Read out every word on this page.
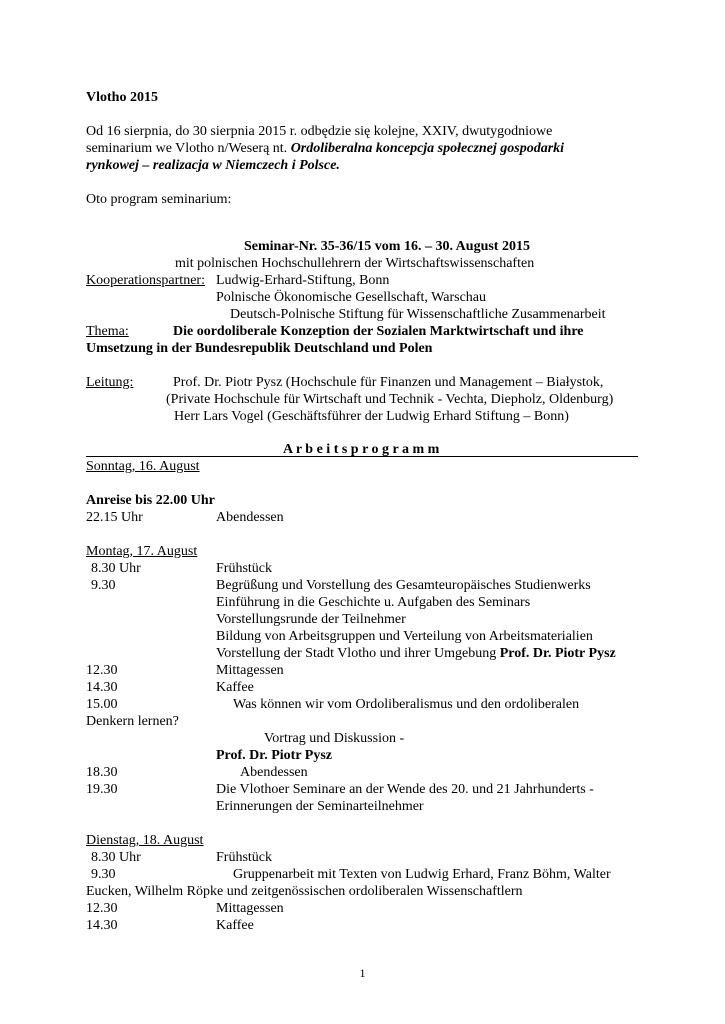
Vlotho 2015
Od 16 sierpnia, do 30 sierpnia 2015 r. odbędzie się kolejne, XXIV, dwutygodniowe
seminarium we Vlotho n/Weserą nt. Ordoliberalna koncepcja społecznej gospodarki
rynkowej – realizacja w Niemczech i Polsce.
Oto program seminarium:
Seminar-Nr. 35-36/15 vom 16. – 30. August 2015
mit polnischen Hochschullehrern der Wirtschaftswissenschaften
Kooperationspartner: Ludwig-Erhard-Stiftung, Bonn
Polnische Ökonomische Gesellschaft, Warschau
Deutsch-Polnische Stiftung für Wissenschaftliche Zusammenarbeit
Thema:	Die oordoliberale Konzeption der Sozialen Marktwirtschaft und ihre
Umsetzung in der Bundesrepublik Deutschland und Polen
Leitung:	Prof. Dr. Piotr Pysz (Hochschule für Finanzen und Management – Białystok,
(Private Hochschule für Wirtschaft und Technik - Vechta, Diepholz, Oldenburg)
Herr Lars Vogel (Geschäftsführer der Ludwig Erhard Stiftung – Bonn)
A r b e i t s p r o g r a m m
Sonntag, 16. August
Anreise bis 22.00 Uhr
22.15 Uhr	Abendessen
Montag, 17. August
8.30 Uhr	Frühstück
9.30	Begrüßung und Vorstellung des Gesamteuropäisches Studienwerks
Einführung in die Geschichte u. Aufgaben des Seminars
Vorstellungsrunde der Teilnehmer
Bildung von Arbeitsgruppen und Verteilung von Arbeitsmaterialien
Vorstellung der Stadt Vlotho und ihrer Umgebung Prof. Dr. Piotr Pysz
12.30	Mittagessen
14.30	Kaffee
15.00	Was können wir vom Ordoliberalismus und den ordoliberalen
Denkern lernen?
Vortrag und Diskussion -
Prof. Dr. Piotr Pysz
18.30	Abendessen
19.30	Die Vlothoer Seminare an der Wende des 20. und 21 Jahrhunderts -
Erinnerungen der Seminarteilnehmer
Dienstag, 18. August
8.30 Uhr	Frühstück
9.30	Gruppenarbeit mit Texten von Ludwig Erhard, Franz Böhm, Walter
Eucken, Wilhelm Röpke und zeitgenössischen ordoliberalen Wissenschaftlern
12.30	Mittagessen
14.30	Kaffee
1
